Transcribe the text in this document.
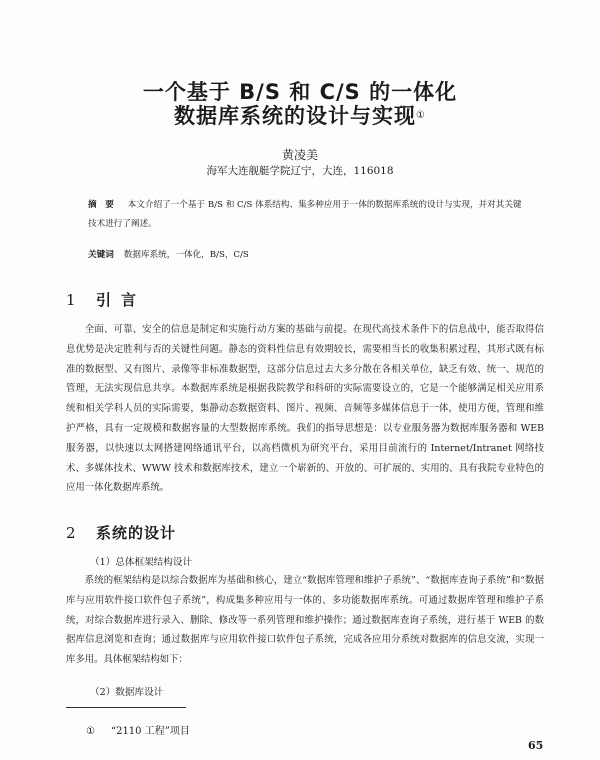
一个基于 B/S 和 C/S 的一体化
数据库系统的设计与实现①
黄凌美
海军大连舰艇学院辽宁，大连，116018
摘　要 本文介绍了一个基于 B/S 和 C/S 体系结构、集多种应用于一体的数据库系统的设计与实现，并对其关键技术进行了阐述。
关键词 数据库系统，一体化，B/S，C/S
1 引言
全面、可靠、安全的信息是制定和实施行动方案的基础与前提。在现代高技术条件下的信息战中，能否取得信息优势是决定胜利与否的关键性问题。静态的资料性信息有效期较长，需要相当长的收集积累过程，其形式既有标准的数据型、又有图片、录像等非标准数据型，这部分信息过去大多分散在各相关单位，缺乏有效、统一、规范的管理，无法实现信息共享。本数据库系统是根据我院教学和科研的实际需要设立的，它是一个能够满足相关应用系统和相关学科人员的实际需要，集静动态数据资料、图片、视频、音频等多媒体信息于一体，使用方便，管理和维护严格，具有一定规模和数据容量的大型数据库系统。我们的指导思想是：以专业服务器为数据库服务器和 WEB 服务器，以快速以太网搭建网络通讯平台，以高档微机为研究平台，采用目前流行的 Internet/Intranet 网络技术、多媒体技术、WWW 技术和数据库技术，建立一个崭新的、开放的、可扩展的、实用的、具有我院专业特色的应用一体化数据库系统。
2 系统的设计
（1）总体框架结构设计
系统的框架结构是以综合数据库为基础和核心，建立“数据库管理和维护子系统”、“数据库查询子系统”和“数据库与应用软件接口软件包子系统”，构成集多种应用与一体的、多功能数据库系统。可通过数据库管理和维护子系统，对综合数据库进行录入、删除、修改等一系列管理和维护操作；通过数据库查询子系统，进行基于 WEB 的数据库信息浏览和查询；通过数据库与应用软件接口软件包子系统，完成各应用分系统对数据库的信息交流，实现一库多用。具体框架结构如下：
（2）数据库设计
① “2110 工程”项目
65
